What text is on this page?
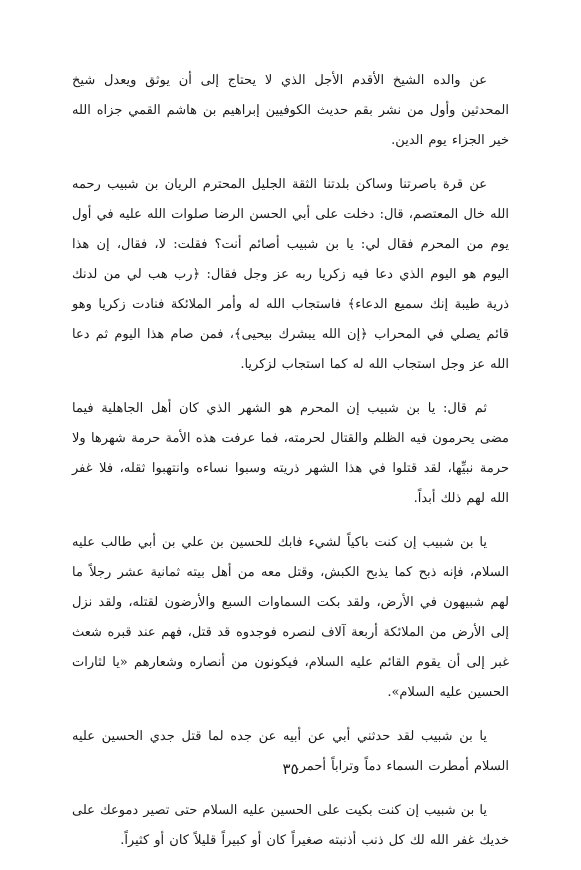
عن والده الشيخ الأقدم الأجل الذي لا يحتاج إلى أن يوثق ويعدل شيخ المحدثين وأول من نشر بقم حديث الكوفيين إبراهيم بن هاشم القمي جزاه الله خير الجزاء يوم الدين.

عن قرة باصرتنا وساكن بلدتنا الثقة الجليل المحترم الريان بن شبيب رحمه الله خال المعتصم، قال: دخلت على أبي الحسن الرضا صلوات الله عليه في أول يوم من المحرم فقال لي: يا بن شبيب أصائم أنت؟ فقلت: لا، فقال، إن هذا اليوم هو اليوم الذي دعا فيه زكريا ربه عز وجل فقال: ﴿رب هب لي من لدنك ذرية طيبة إنك سميع الدعاء﴾ فاستجاب الله له وأمر الملائكة فنادت زكريا وهو قائم يصلي في المحراب ﴿إن الله يبشرك بيحيى﴾، فمن صام هذا اليوم ثم دعا الله عز وجل استجاب الله له كما استجاب لزكريا.

ثم قال: يا بن شبيب إن المحرم هو الشهر الذي كان أهل الجاهلية فيما مضى يحرمون فيه الظلم والقتال لحرمته، فما عرفت هذه الأمة حرمة شهرها ولا حرمة نبيِّها، لقد قتلوا في هذا الشهر ذريته وسبوا نساءه وانتهبوا ثقله، فلا غفر الله لهم ذلك أبداً.

يا بن شبيب إن كنت باكياً لشيء فابك للحسين بن علي بن أبي طالب عليه السلام، فإنه ذبح كما يذبح الكبش، وقتل معه من أهل بيته ثمانية عشر رجلاً ما لهم شبيهون في الأرض، ولقد بكت السماوات السبع والأرضون لقتله، ولقد نزل إلى الأرض من الملائكة أربعة آلاف لنصره فوجدوه قد قتل، فهم عند قبره شعث غبر إلى أن يقوم القائم عليه السلام، فيكونون من أنصاره وشعارهم «يا لثارات الحسين عليه السلام».

يا بن شبيب لقد حدثني أبي عن أبيه عن جده لما قتل جدي الحسين عليه السلام أمطرت السماء دماً وتراباً أحمر.

يا بن شبيب إن كنت بكيت على الحسين عليه السلام حتى تصير دموعك على خديك غفر الله لك كل ذنب أذنبته صغيراً كان أو كبيراً قليلاً كان أو كثيراً.

٣٥
